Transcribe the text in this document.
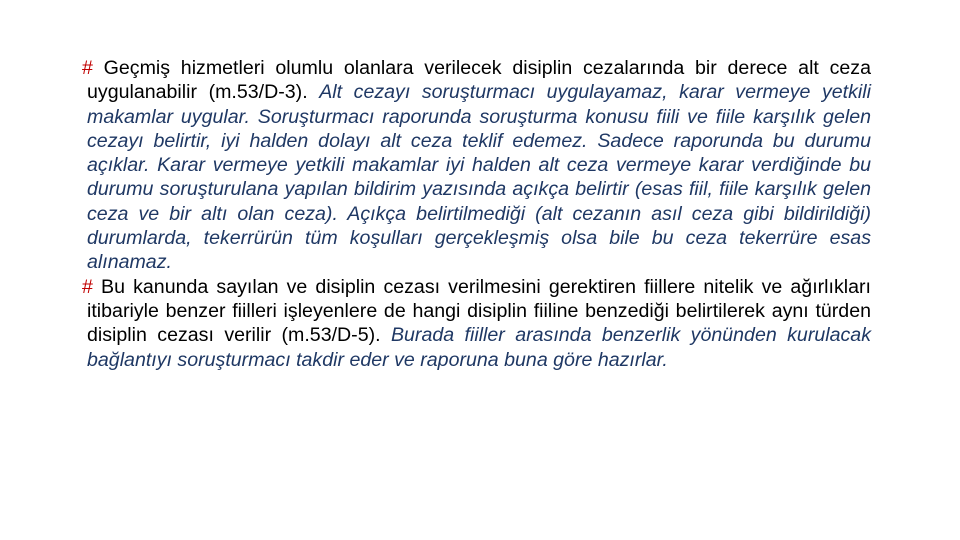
# Geçmiş hizmetleri olumlu olanlara verilecek disiplin cezalarında bir derece alt ceza uygulanabilir (m.53/D-3). Alt cezayı soruşturmacı uygulayamaz, karar vermeye yetkili makamlar uygular. Soruşturmacı raporunda soruşturma konusu fiili ve fiile karşılık gelen cezayı belirtir, iyi halden dolayı alt ceza teklif edemez. Sadece raporunda bu durumu açıklar. Karar vermeye yetkili makamlar iyi halden alt ceza vermeye karar verdiğinde bu durumu soruşturulana yapılan bildirim yazısında açıkça belirtir (esas fiil, fiile karşılık gelen ceza ve bir altı olan ceza). Açıkça belirtilmediği (alt cezanın asıl ceza gibi bildirildiği) durumlarda, tekerrürün tüm koşulları gerçekleşmiş olsa bile bu ceza tekerrüre esas alınamaz.

# Bu kanunda sayılan ve disiplin cezası verilmesini gerektiren fiillere nitelik ve ağırlıkları itibariyle benzer fiilleri işleyenlere de hangi disiplin fiiline benzediği belirtilerek aynı türden disiplin cezası verilir (m.53/D-5). Burada fiiller arasında benzerlik yönünden kurulacak bağlantıyı soruşturmacı takdir eder ve raporuna buna göre hazırlar.
